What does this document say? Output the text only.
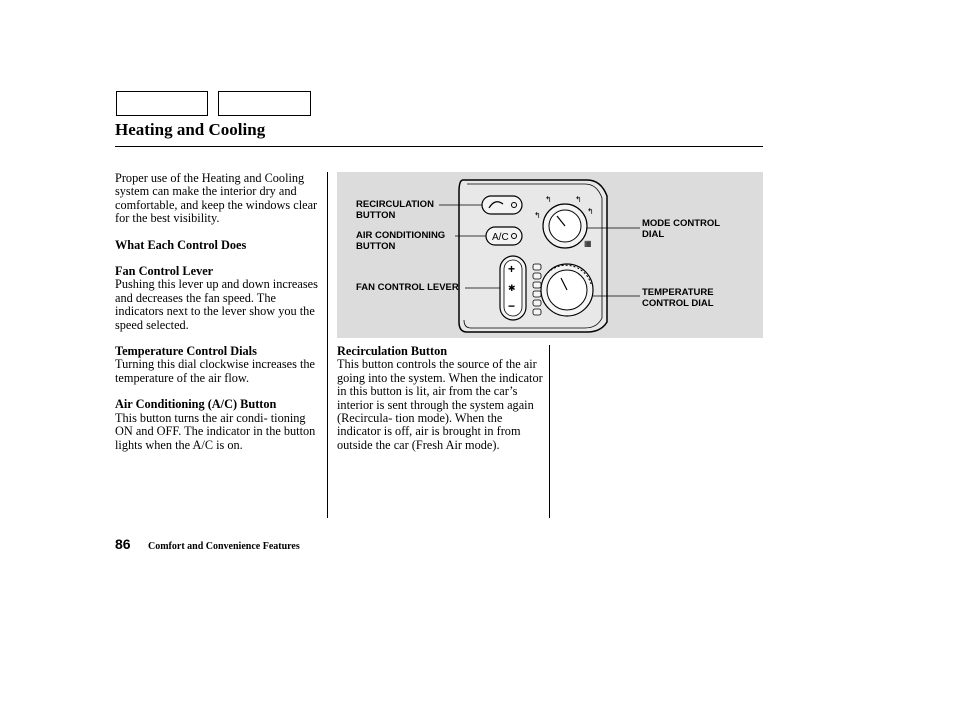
Heating and Cooling

Proper use of the Heating and Cooling system can make the interior dry and comfortable, and keep the windows clear for the best visibility.

What Each Control Does

Fan Control Lever

Pushing this lever up and down increases and decreases the fan speed. The indicators next to the lever show you the speed selected.

Temperature Control Dials

Turning this dial clockwise increases the temperature of the air flow.

Air Conditioning (A/C) Button

This button turns the air condi- tioning ON and OFF. The indicator in the button lights when the A/C is on.

A/C
+
✱
−
↰
↰	↰
↰
▦
RECIRCULATION
BUTTON
AIR CONDITIONING
BUTTON
FAN CONTROL LEVER
MODE CONTROL
DIAL
TEMPERATURE
CONTROL DIAL

Recirculation Button

This button controls the source of the air going into the system. When the indicator in this button is lit, air from the car’s interior is sent through the system again (Recircula- tion mode). When the indicator is off, air is brought in from outside the car (Fresh Air mode).

86 Comfort and Convenience Features
